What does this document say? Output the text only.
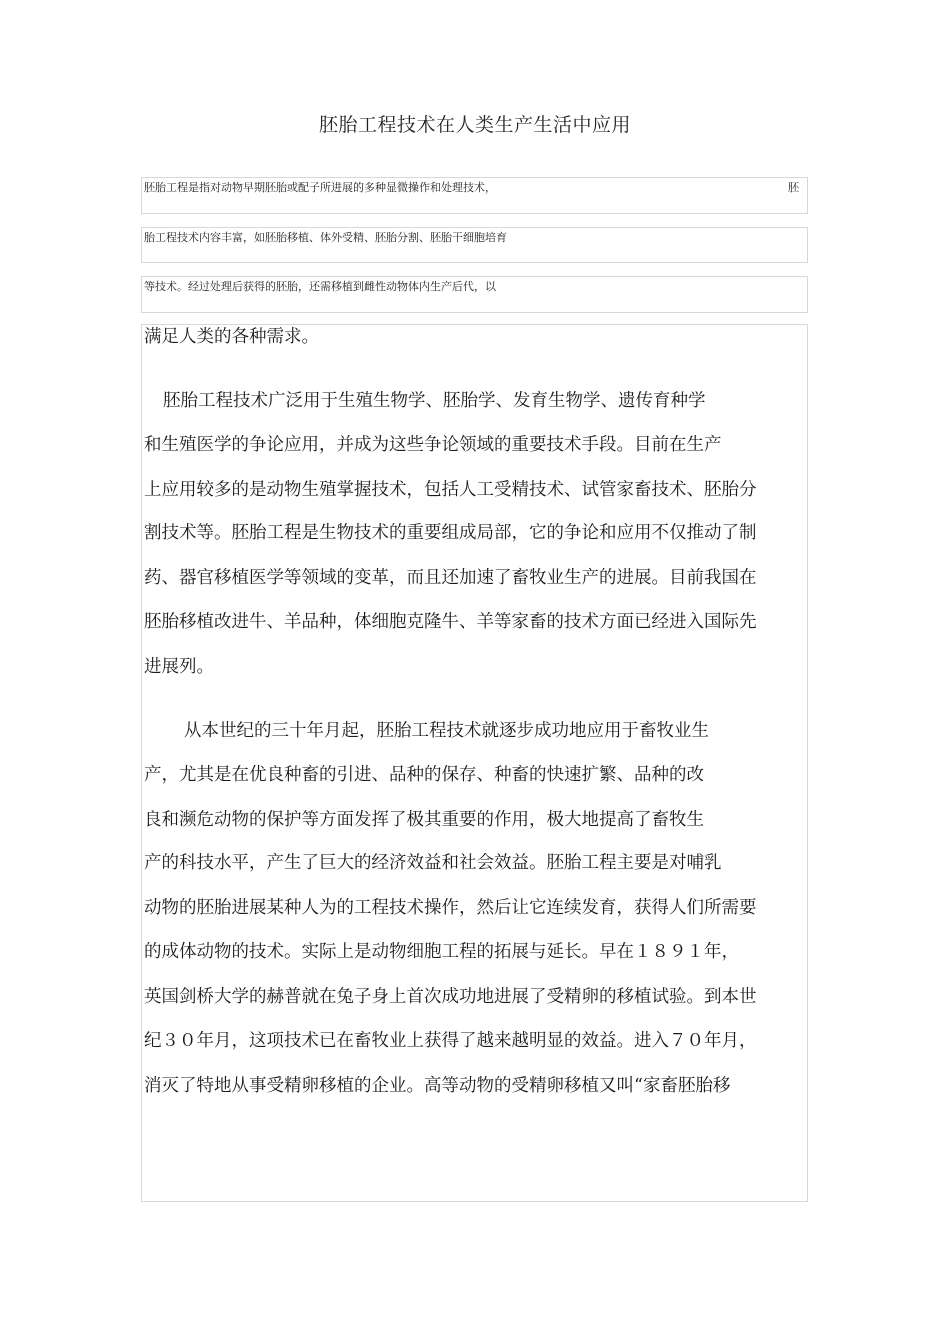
胚胎工程技术在人类生产生活中应用
胚胎工程是指对动物早期胚胎或配子所进展的多种显微操作和处理技术，	胚
胎工程技术内容丰富，如胚胎移植、体外受精、胚胎分割、胚胎干细胞培育
等技术。经过处理后获得的胚胎，还需移植到雌性动物体内生产后代，以
满足人类的各种需求。
胚胎工程技术广泛用于生殖生物学、胚胎学、发育生物学、遗传育种学
和生殖医学的争论应用，并成为这些争论领域的重要技术手段。目前在生产
上应用较多的是动物生殖掌握技术，包括人工受精技术、试管家畜技术、胚胎分
割技术等。胚胎工程是生物技术的重要组成局部，它的争论和应用不仅推动了制
药、器官移植医学等领域的变革，而且还加速了畜牧业生产的进展。目前我国在
胚胎移植改进牛、羊品种，体细胞克隆牛、羊等家畜的技术方面已经进入国际先
进展列。
从本世纪的三十年月起，胚胎工程技术就逐步成功地应用于畜牧业生
产，尤其是在优良种畜的引进、品种的保存、种畜的快速扩繁、品种的改
良和濒危动物的保护等方面发挥了极其重要的作用，极大地提高了畜牧生
产的科技水平，产生了巨大的经济效益和社会效益。胚胎工程主要是对哺乳
动物的胚胎进展某种人为的工程技术操作，然后让它连续发育，获得人们所需要
的成体动物的技术。实际上是动物细胞工程的拓展与延长。早在１８９１年，
英国剑桥大学的赫普就在兔子身上首次成功地进展了受精卵的移植试验。到本世
纪３０年月，这项技术已在畜牧业上获得了越来越明显的效益。进入７０年月，
消灭了特地从事受精卵移植的企业。高等动物的受精卵移植又叫“家畜胚胎移
